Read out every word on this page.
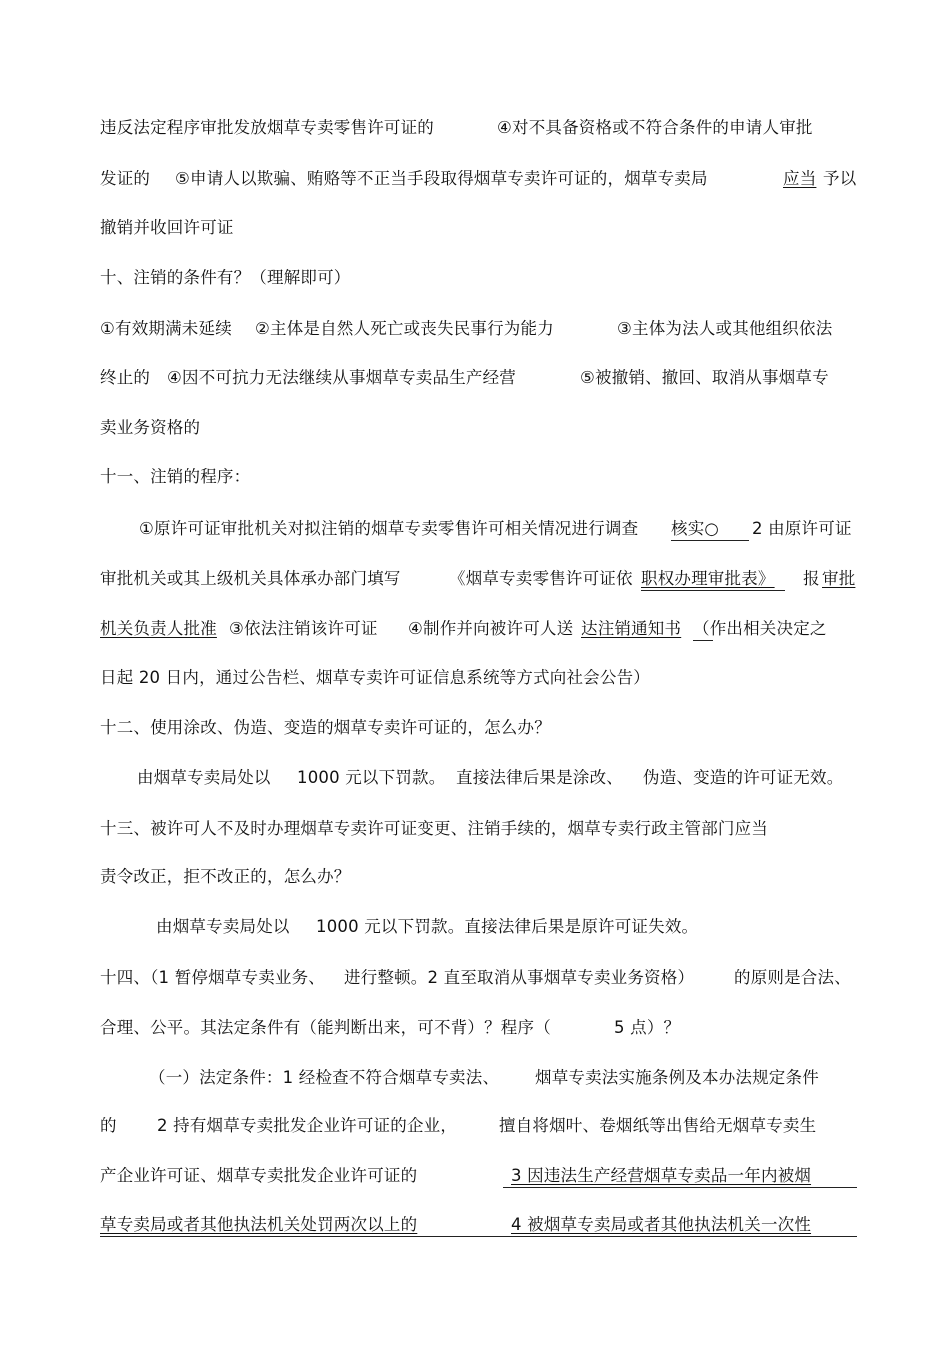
违反法定程序审批发放烟草专卖零售许可证的	④对不具备资格或不符合条件的申请人审批
发证的 ⑤申请人以欺骗、贿赂等不正当手段取得烟草专卖许可证的，烟草专卖局	应当 予以
撤销并收回许可证
十、注销的条件有？（理解即可）
①有效期满未延续 ②主体是自然人死亡或丧失民事行为能力	③主体为法人或其他组织依法
终止的 ④因不可抗力无法继续从事烟草专卖品生产经营	⑤被撤销、撤回、取消从事烟草专
卖业务资格的
十一、注销的程序：
①原许可证审批机关对拟注销的烟草专卖零售许可相关情况进行调查 核实○ 2 由原许可证
审批机关或其上级机关具体承办部门填写	《烟草专卖零售许可证依 职权办理审批表》 报 审批
机关负责人批准 ③依法注销该许可证 ④制作并向被许可人送 达注销通知书 （作出相关决定之
日起 20 日内，通过公告栏、烟草专卖许可证信息系统等方式向社会公告）
十二、使用涂改、伪造、变造的烟草专卖许可证的，怎么办？
由烟草专卖局处以 1000 元以下罚款。 直接法律后果是涂改、 伪造、变造的许可证无效。
十三、被许可人不及时办理烟草专卖许可证变更、注销手续的，烟草专卖行政主管部门应当
责令改正，拒不改正的，怎么办？
由烟草专卖局处以 1000 元以下罚款。直接法律后果是原许可证失效。
十四、（1 暂停烟草专卖业务、 进行整顿。2 直至取消从事烟草专卖业务资格） 的原则是合法、
合理、公平。其法定条件有（能判断出来，可不背）？程序（	5 点）？
（一）法定条件：1 经检查不符合烟草专卖法、 烟草专卖法实施条例及本办法规定条件
的 2 持有烟草专卖批发企业许可证的企业，	擅自将烟叶、卷烟纸等出售给无烟草专卖生
产企业许可证、烟草专卖批发企业许可证的	3 因违法生产经营烟草专卖品一年内被烟
草专卖局或者其他执法机关处罚两次以上的	4 被烟草专卖局或者其他执法机关一次性
